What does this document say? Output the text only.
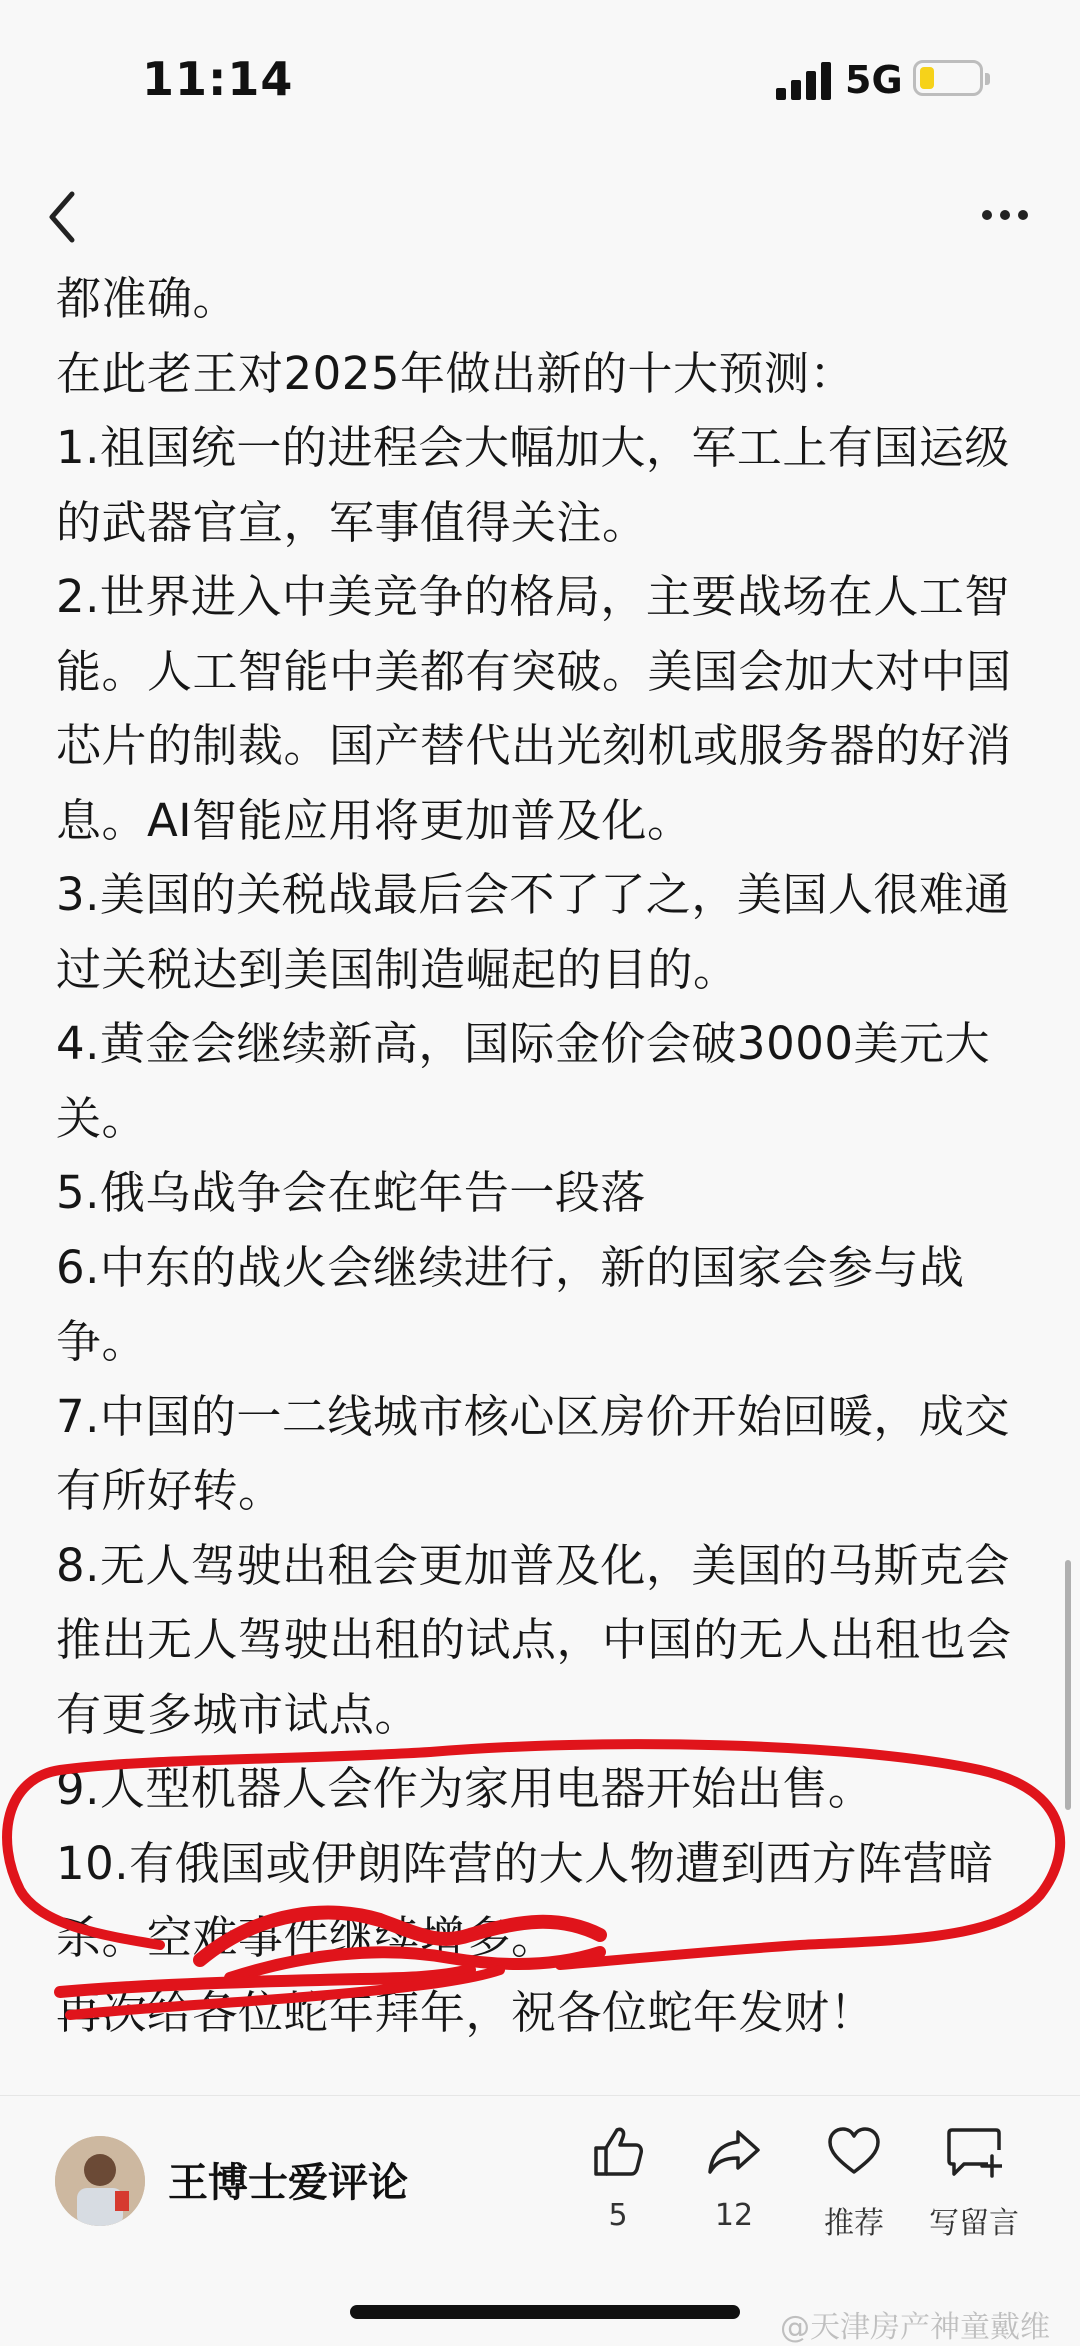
11:14	5G

都准确。

在此老王对2025年做出新的十大预测：

1.祖国统一的进程会大幅加大，军工上有国运级的武器官宣，军事值得关注。

2.世界进入中美竞争的格局，主要战场在人工智能。人工智能中美都有突破。美国会加大对中国芯片的制裁。国产替代出光刻机或服务器的好消息。AI智能应用将更加普及化。

3.美国的关税战最后会不了了之，美国人很难通过关税达到美国制造崛起的目的。

4.黄金会继续新高，国际金价会破3000美元大关。

5.俄乌战争会在蛇年告一段落

6.中东的战火会继续进行，新的国家会参与战争。

7.中国的一二线城市核心区房价开始回暖，成交有所好转。

8.无人驾驶出租会更加普及化，美国的马斯克会推出无人驾驶出租的试点，中国的无人出租也会有更多城市试点。

9.人型机器人会作为家用电器开始出售。

10.有俄国或伊朗阵营的大人物遭到西方阵营暗杀。空难事件继续增多。

再次给各位蛇年拜年，祝各位蛇年发财！

王博士爱评论
5	12	推荐	写留言
@天津房产神童戴维
